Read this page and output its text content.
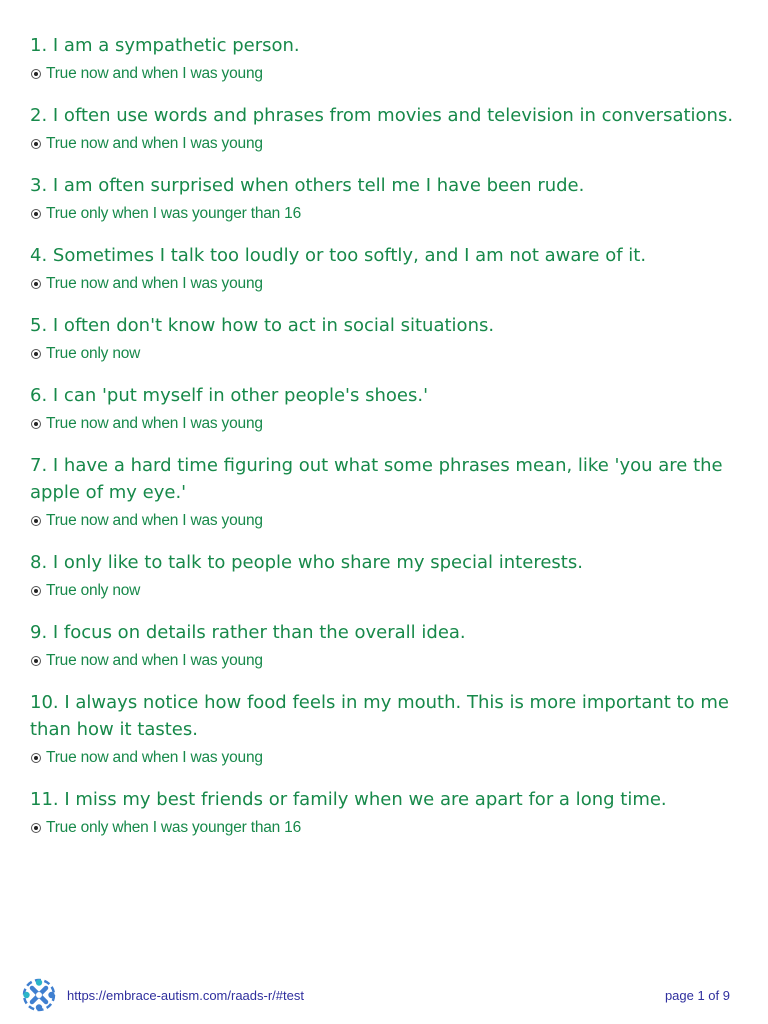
1. I am a sympathetic person.

True now and when I was young

2. I often use words and phrases from movies and television in conversations.

True now and when I was young

3. I am often surprised when others tell me I have been rude.

True only when I was younger than 16

4. Sometimes I talk too loudly or too softly, and I am not aware of it.

True now and when I was young

5. I often don't know how to act in social situations.

True only now

6. I can 'put myself in other people's shoes.'

True now and when I was young

7. I have a hard time figuring out what some phrases mean, like 'you are the apple of my eye.'

True now and when I was young

8. I only like to talk to people who share my special interests.

True only now

9. I focus on details rather than the overall idea.

True now and when I was young

10. I always notice how food feels in my mouth. This is more important to me than how it tastes.

True now and when I was young

11. I miss my best friends or family when we are apart for a long time.

True only when I was younger than 16
https://embrace-autism.com/raads-r/#test	page 1 of 9
